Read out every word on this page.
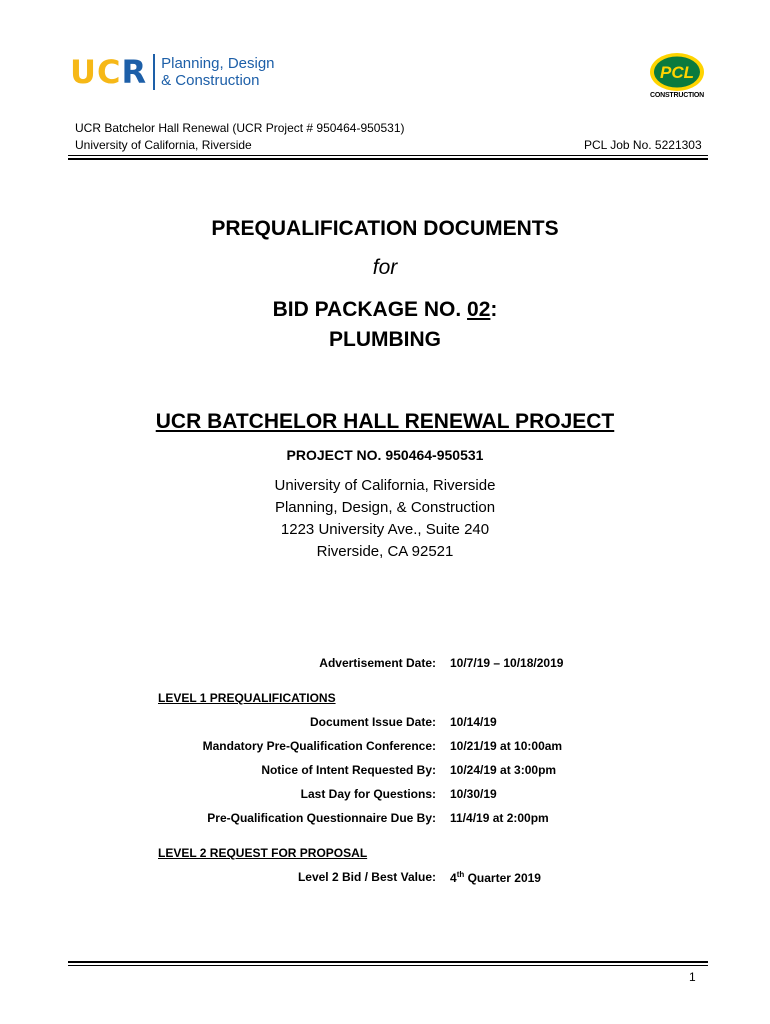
UCR Planning, Design
& Construction	PCL
CONSTRUCTION
UCR Batchelor Hall Renewal (UCR Project # 950464-950531)
University of California, Riverside	PCL Job No. 5221303
PREQUALIFICATION DOCUMENTS
for
BID PACKAGE NO. 02:
PLUMBING
UCR BATCHELOR HALL RENEWAL PROJECT
PROJECT NO. 950464-950531
University of California, Riverside
Planning, Design, & Construction
1223 University Ave., Suite 240
Riverside, CA 92521
Advertisement Date: 10/7/19 – 10/18/2019
LEVEL 1 PREQUALIFICATIONS
Document Issue Date: 10/14/19
Mandatory Pre-Qualification Conference: 10/21/19 at 10:00am
Notice of Intent Requested By: 10/24/19 at 3:00pm
Last Day for Questions: 10/30/19
Pre-Qualification Questionnaire Due By: 11/4/19 at 2:00pm
LEVEL 2 REQUEST FOR PROPOSAL
Level 2 Bid / Best Value: 4th Quarter 2019
1
